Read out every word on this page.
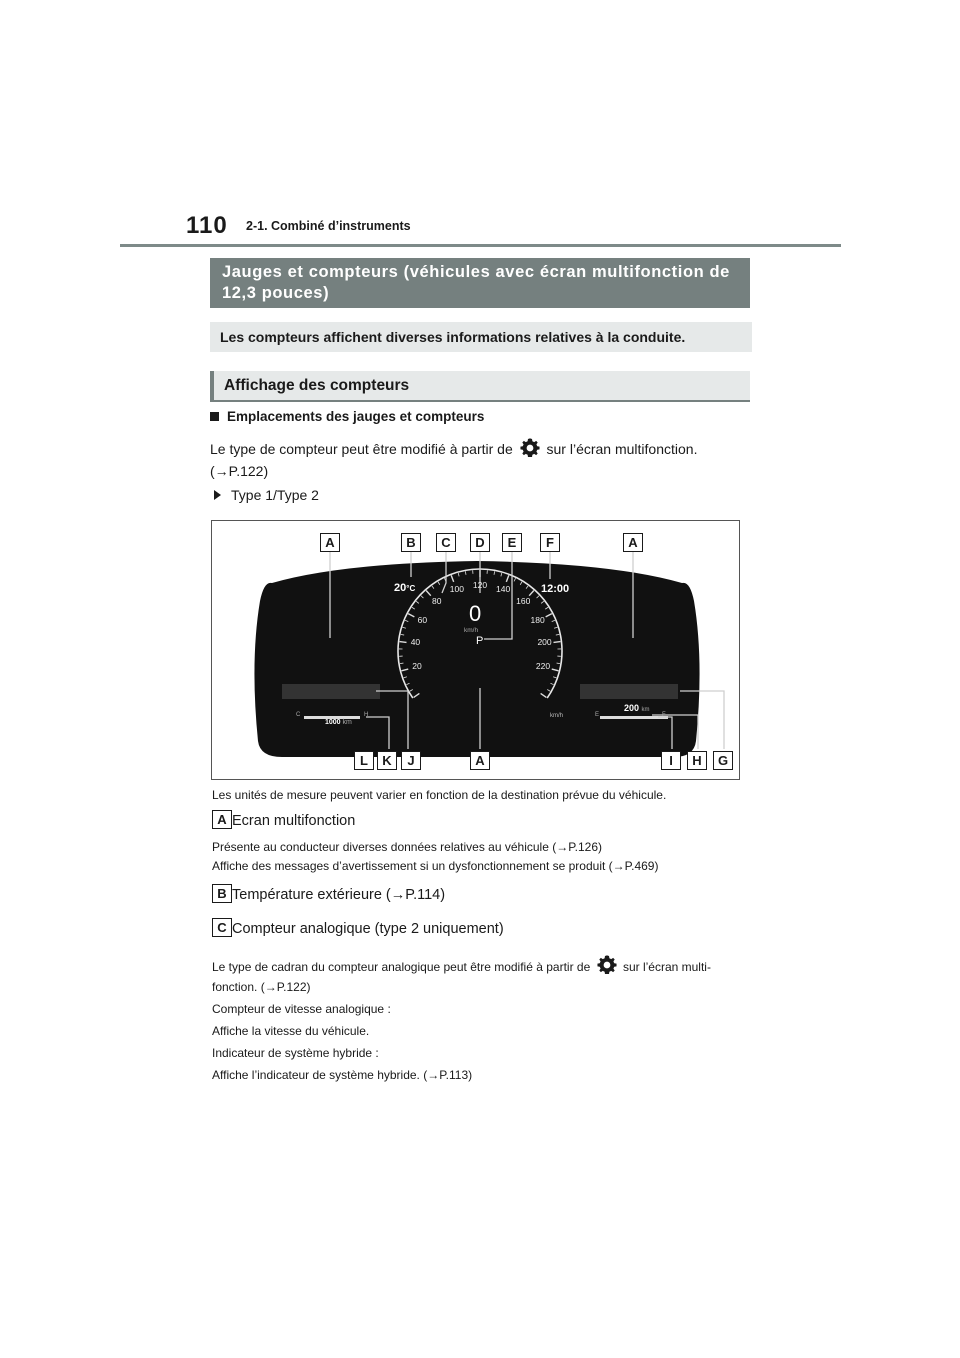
110 2-1. Combiné d’instruments
Jauges et compteurs (véhicules avec écran multifonction de 12,3 pouces)
Les compteurs affichent diverses informations relatives à la conduite.
Affichage des compteurs
Emplacements des jauges et compteurs
Le type de compteur peut être modifié à partir de sur l’écran multifonction.
(→P.122)
Type 1/Type 2
A	B	C	D	E	F	A
L	K	J	A	I	H	G
20°C	12:00
0
km/h
P
km/h
1000 km
200 km
C	H	E	F
20
40
60
80
100 120 140
160
180
200
220
Les unités de mesure peuvent varier en fonction de la destination prévue du véhicule.
A Ecran multifonction
Présente au conducteur diverses données relatives au véhicule (→P.126)
Affiche des messages d’avertissement si un dysfonctionnement se produit (→P.469)
B Température extérieure (→P.114)
C Compteur analogique (type 2 uniquement)
Le type de cadran du compteur analogique peut être modifié à partir de	sur l’écran multi-
fonction. (→P.122)
Compteur de vitesse analogique :
Affiche la vitesse du véhicule.
Indicateur de système hybride :
Affiche l’indicateur de système hybride. (→P.113)
